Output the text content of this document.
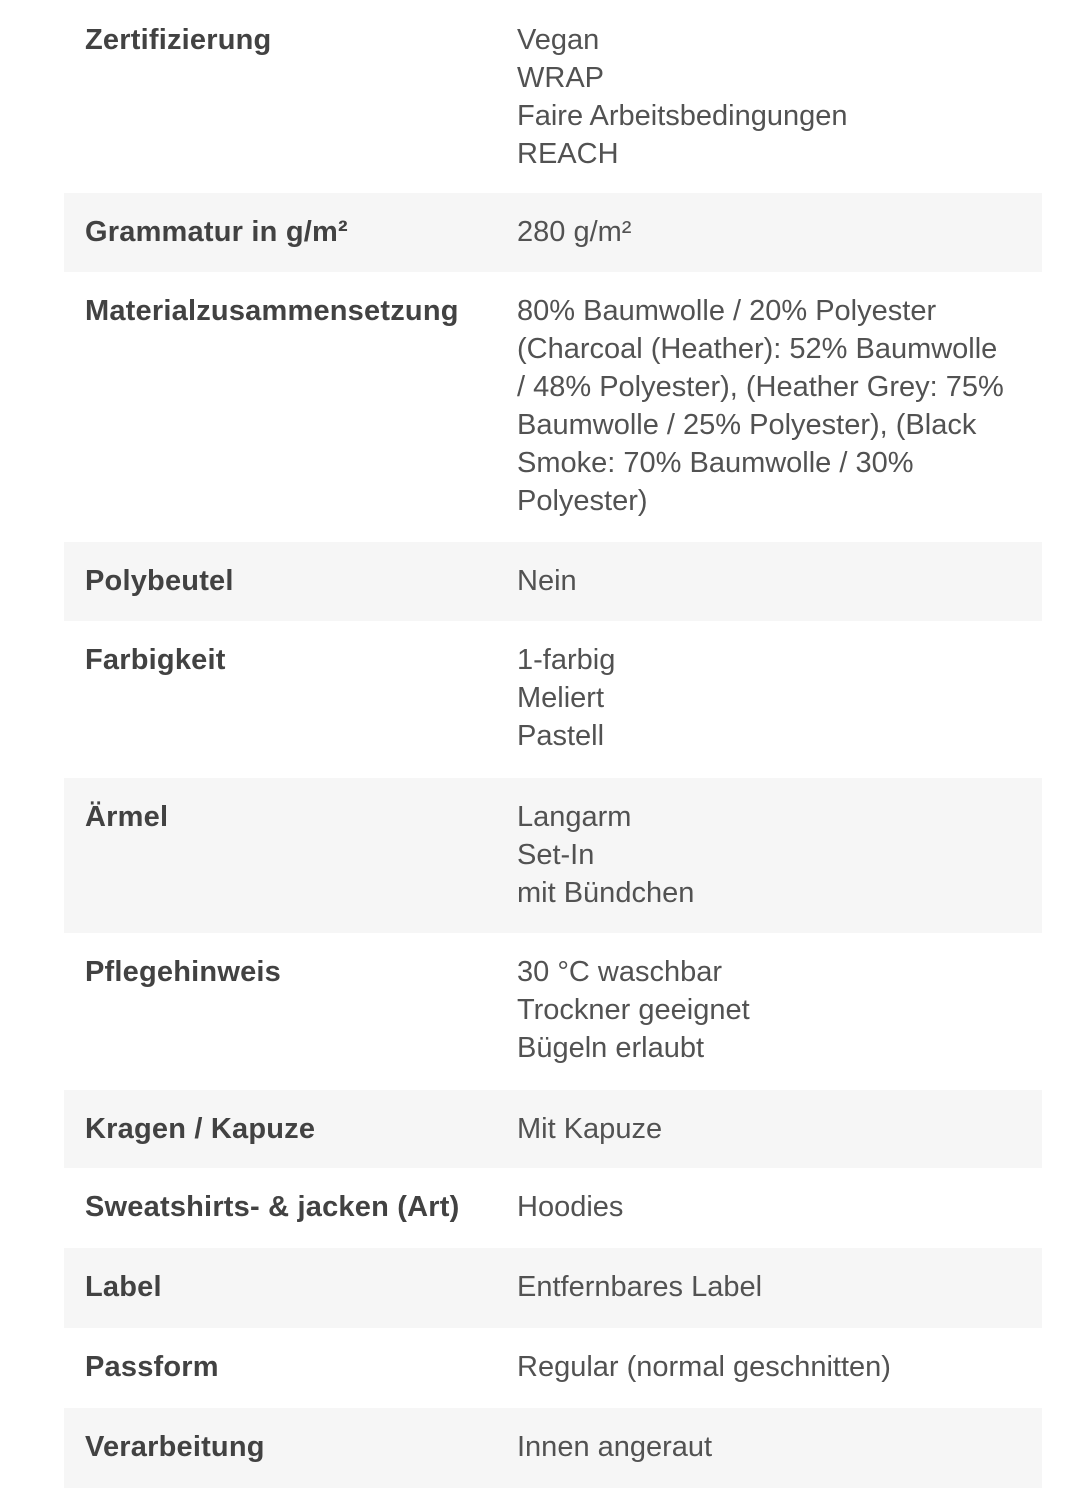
Zertifizierung	Vegan
WRAP
Faire Arbeitsbedingungen
REACH
Grammatur in g/m²	280 g/m²
Materialzusammensetzung	80% Baumwolle / 20% Polyester
(Charcoal (Heather): 52% Baumwolle
/ 48% Polyester), (Heather Grey: 75%
Baumwolle / 25% Polyester), (Black
Smoke: 70% Baumwolle / 30%
Polyester)
Polybeutel	Nein
Farbigkeit	1-farbig
Meliert
Pastell
Ärmel	Langarm
Set-In
mit Bündchen
Pflegehinweis	30 °C waschbar
Trockner geeignet
Bügeln erlaubt
Kragen / Kapuze	Mit Kapuze
Sweatshirts- & jacken (Art)	Hoodies
Label	Entfernbares Label
Passform	Regular (normal geschnitten)
Verarbeitung	Innen angeraut
